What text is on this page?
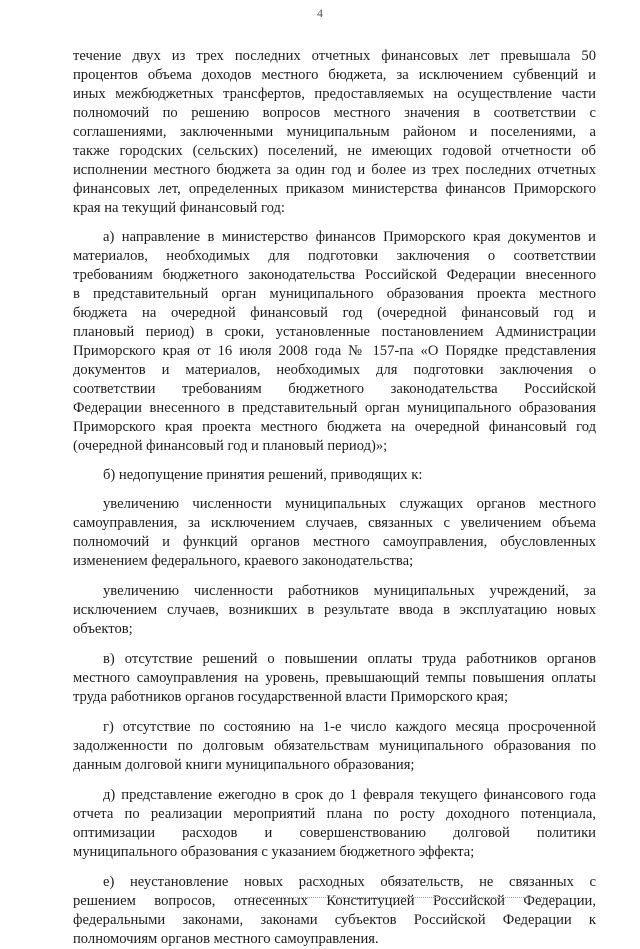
4
течение двух из трех последних отчетных финансовых лет превышала 50
процентов объема доходов местного бюджета, за исключением субвенций и
иных межбюджетных трансфертов, предоставляемых на осуществление части
полномочий по решению вопросов местного значения в соответствии с
соглашениями, заключенными муниципальным районом и поселениями, а
также городских (сельских) поселений, не имеющих годовой отчетности об
исполнении местного бюджета за один год и более из трех последних отчетных
финансовых лет, определенных приказом министерства финансов Приморского
края на текущий финансовый год:
а) направление в министерство финансов Приморского края документов и
материалов, необходимых для подготовки заключения о соответствии
требованиям бюджетного законодательства Российской Федерации внесенного
в представительный орган муниципального образования проекта местного
бюджета на очередной финансовый год (очередной финансовый год и
плановый период) в сроки, установленные постановлением Администрации
Приморского края от 16 июля 2008 года № 157-па «О Порядке представления
документов и материалов, необходимых для подготовки заключения о
соответствии требованиям бюджетного законодательства Российской
Федерации внесенного в представительный орган муниципального образования
Приморского края проекта местного бюджета на очередной финансовый год
(очередной финансовый год и плановый период)»;
б) недопущение принятия решений, приводящих к:
увеличению численности муниципальных служащих органов местного
самоуправления, за исключением случаев, связанных с увеличением объема
полномочий и функций органов местного самоуправления, обусловленных
изменением федерального, краевого законодательства;
увеличению численности работников муниципальных учреждений, за
исключением случаев, возникших в результате ввода в эксплуатацию новых
объектов;
в) отсутствие решений о повышении оплаты труда работников органов
местного самоуправления на уровень, превышающий темпы повышения оплаты
труда работников органов государственной власти Приморского края;
г) отсутствие по состоянию на 1-е число каждого месяца просроченной
задолженности по долговым обязательствам муниципального образования по
данным долговой книги муниципального образования;
д) представление ежегодно в срок до 1 февраля текущего финансового года
отчета по реализации мероприятий плана по росту доходного потенциала,
оптимизации расходов и совершенствованию долговой политики
муниципального образования с указанием бюджетного эффекта;
е) неустановление новых расходных обязательств, не связанных с
решением вопросов, отнесенных Конституцией Российской Федерации,
федеральными законами, законами субъектов Российской Федерации к
полномочиям органов местного самоуправления.
